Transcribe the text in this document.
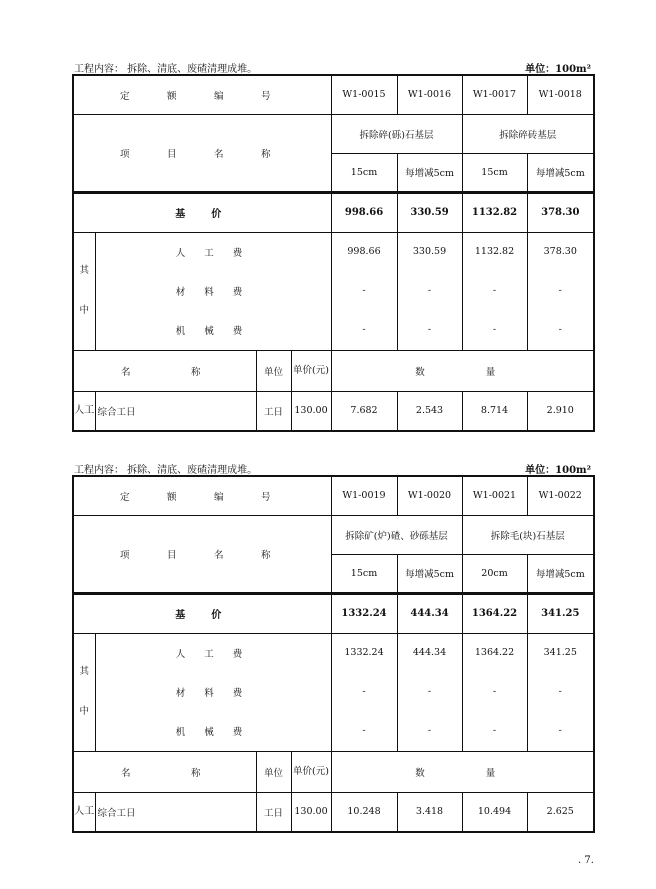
工程内容： 拆除、清底、废碴清理成堆。	单位：100m²
定　额　编　号				W1-0015	W1-0016	W1-0017	W1-0018
项　目　名　称				拆除碎(砾)石基层		拆除碎砖基层	
				15cm	每增减5cm	15cm	每增减5cm
基　价				998.66	330.59	1132.82	378.30

其
中	人 工 费			998.66	330.59	1132.82	378.30
	材 料 费			-	-	-	-
	机 械 费			-	-	-	-
名　　　称		单位	单价(元)	数　　量			
人工	综合工日	工日	130.00	7.682	2.543	8.714	2.910
工程内容： 拆除、清底、废碴清理成堆。	单位：100m²
定　额　编　号				W1-0019	W1-0020	W1-0021	W1-0022
项　目　名　称				拆除矿(炉)碴、砂砾基层		拆除毛(块)石基层	
				15cm	每增减5cm	20cm	每增减5cm
基　价				1332.24	444.34	1364.22	341.25

其
中	人 工 费			1332.24	444.34	1364.22	341.25
	材 料 费			-	-	-	-
	机 械 费			-	-	-	-
名　　　称		单位	单价(元)	数　　量			
人工	综合工日	工日	130.00	10.248	3.418	10.494	2.625
. 7.
